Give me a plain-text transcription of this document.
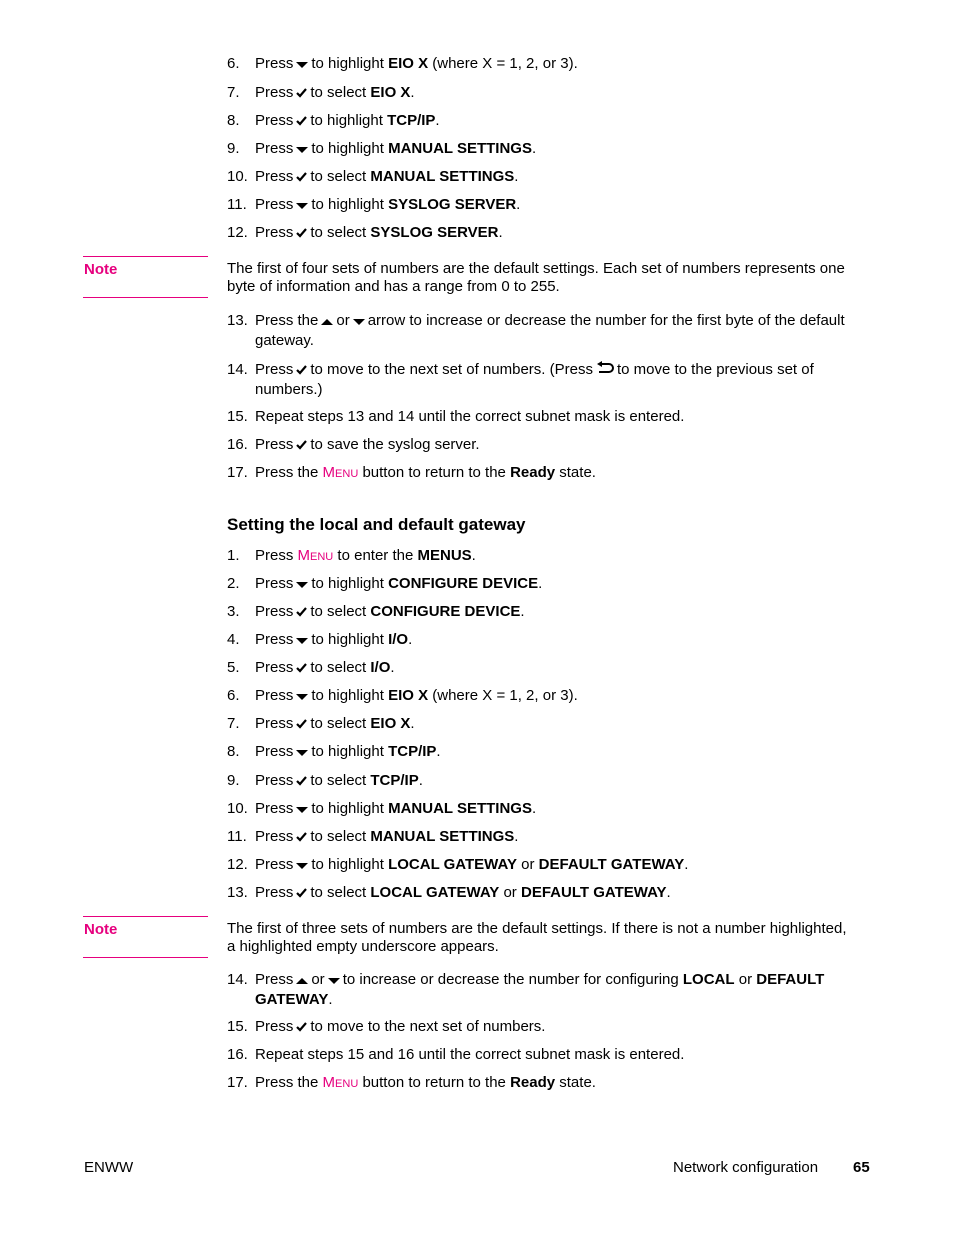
6. Press to highlight EIO X (where X = 1, 2, or 3).
7. Press to select EIO X.
8. Press to highlight TCP/IP.
9. Press to highlight MANUAL SETTINGS.
10. Press to select MANUAL SETTINGS.
11. Press to highlight SYSLOG SERVER.
12. Press to select SYSLOG SERVER.
Note	The first of four sets of numbers are the default settings. Each set of numbers represents one byte of information and has a range from 0 to 255.
13. Press the or arrow to increase or decrease the number for the first byte of the default gateway.
14. Press to move to the next set of numbers. (Press to move to the previous set of numbers.)
15. Repeat steps 13 and 14 until the correct subnet mask is entered.
16. Press to save the syslog server.
17. Press the Menu button to return to the Ready state.
Setting the local and default gateway
1. Press Menu to enter the MENUS.
2. Press to highlight CONFIGURE DEVICE.
3. Press to select CONFIGURE DEVICE.
4. Press to highlight I/O.
5. Press to select I/O.
6. Press to highlight EIO X (where X = 1, 2, or 3).
7. Press to select EIO X.
8. Press to highlight TCP/IP.
9. Press to select TCP/IP.
10. Press to highlight MANUAL SETTINGS.
11. Press to select MANUAL SETTINGS.
12. Press to highlight LOCAL GATEWAY or DEFAULT GATEWAY.
13. Press to select LOCAL GATEWAY or DEFAULT GATEWAY.
Note	The first of three sets of numbers are the default settings. If there is not a number highlighted, a highlighted empty underscore appears.
14. Press or to increase or decrease the number for configuring LOCAL or DEFAULT GATEWAY.
15. Press to move to the next set of numbers.
16. Repeat steps 15 and 16 until the correct subnet mask is entered.
17. Press the Menu button to return to the Ready state.
ENWW	Network configuration 65
